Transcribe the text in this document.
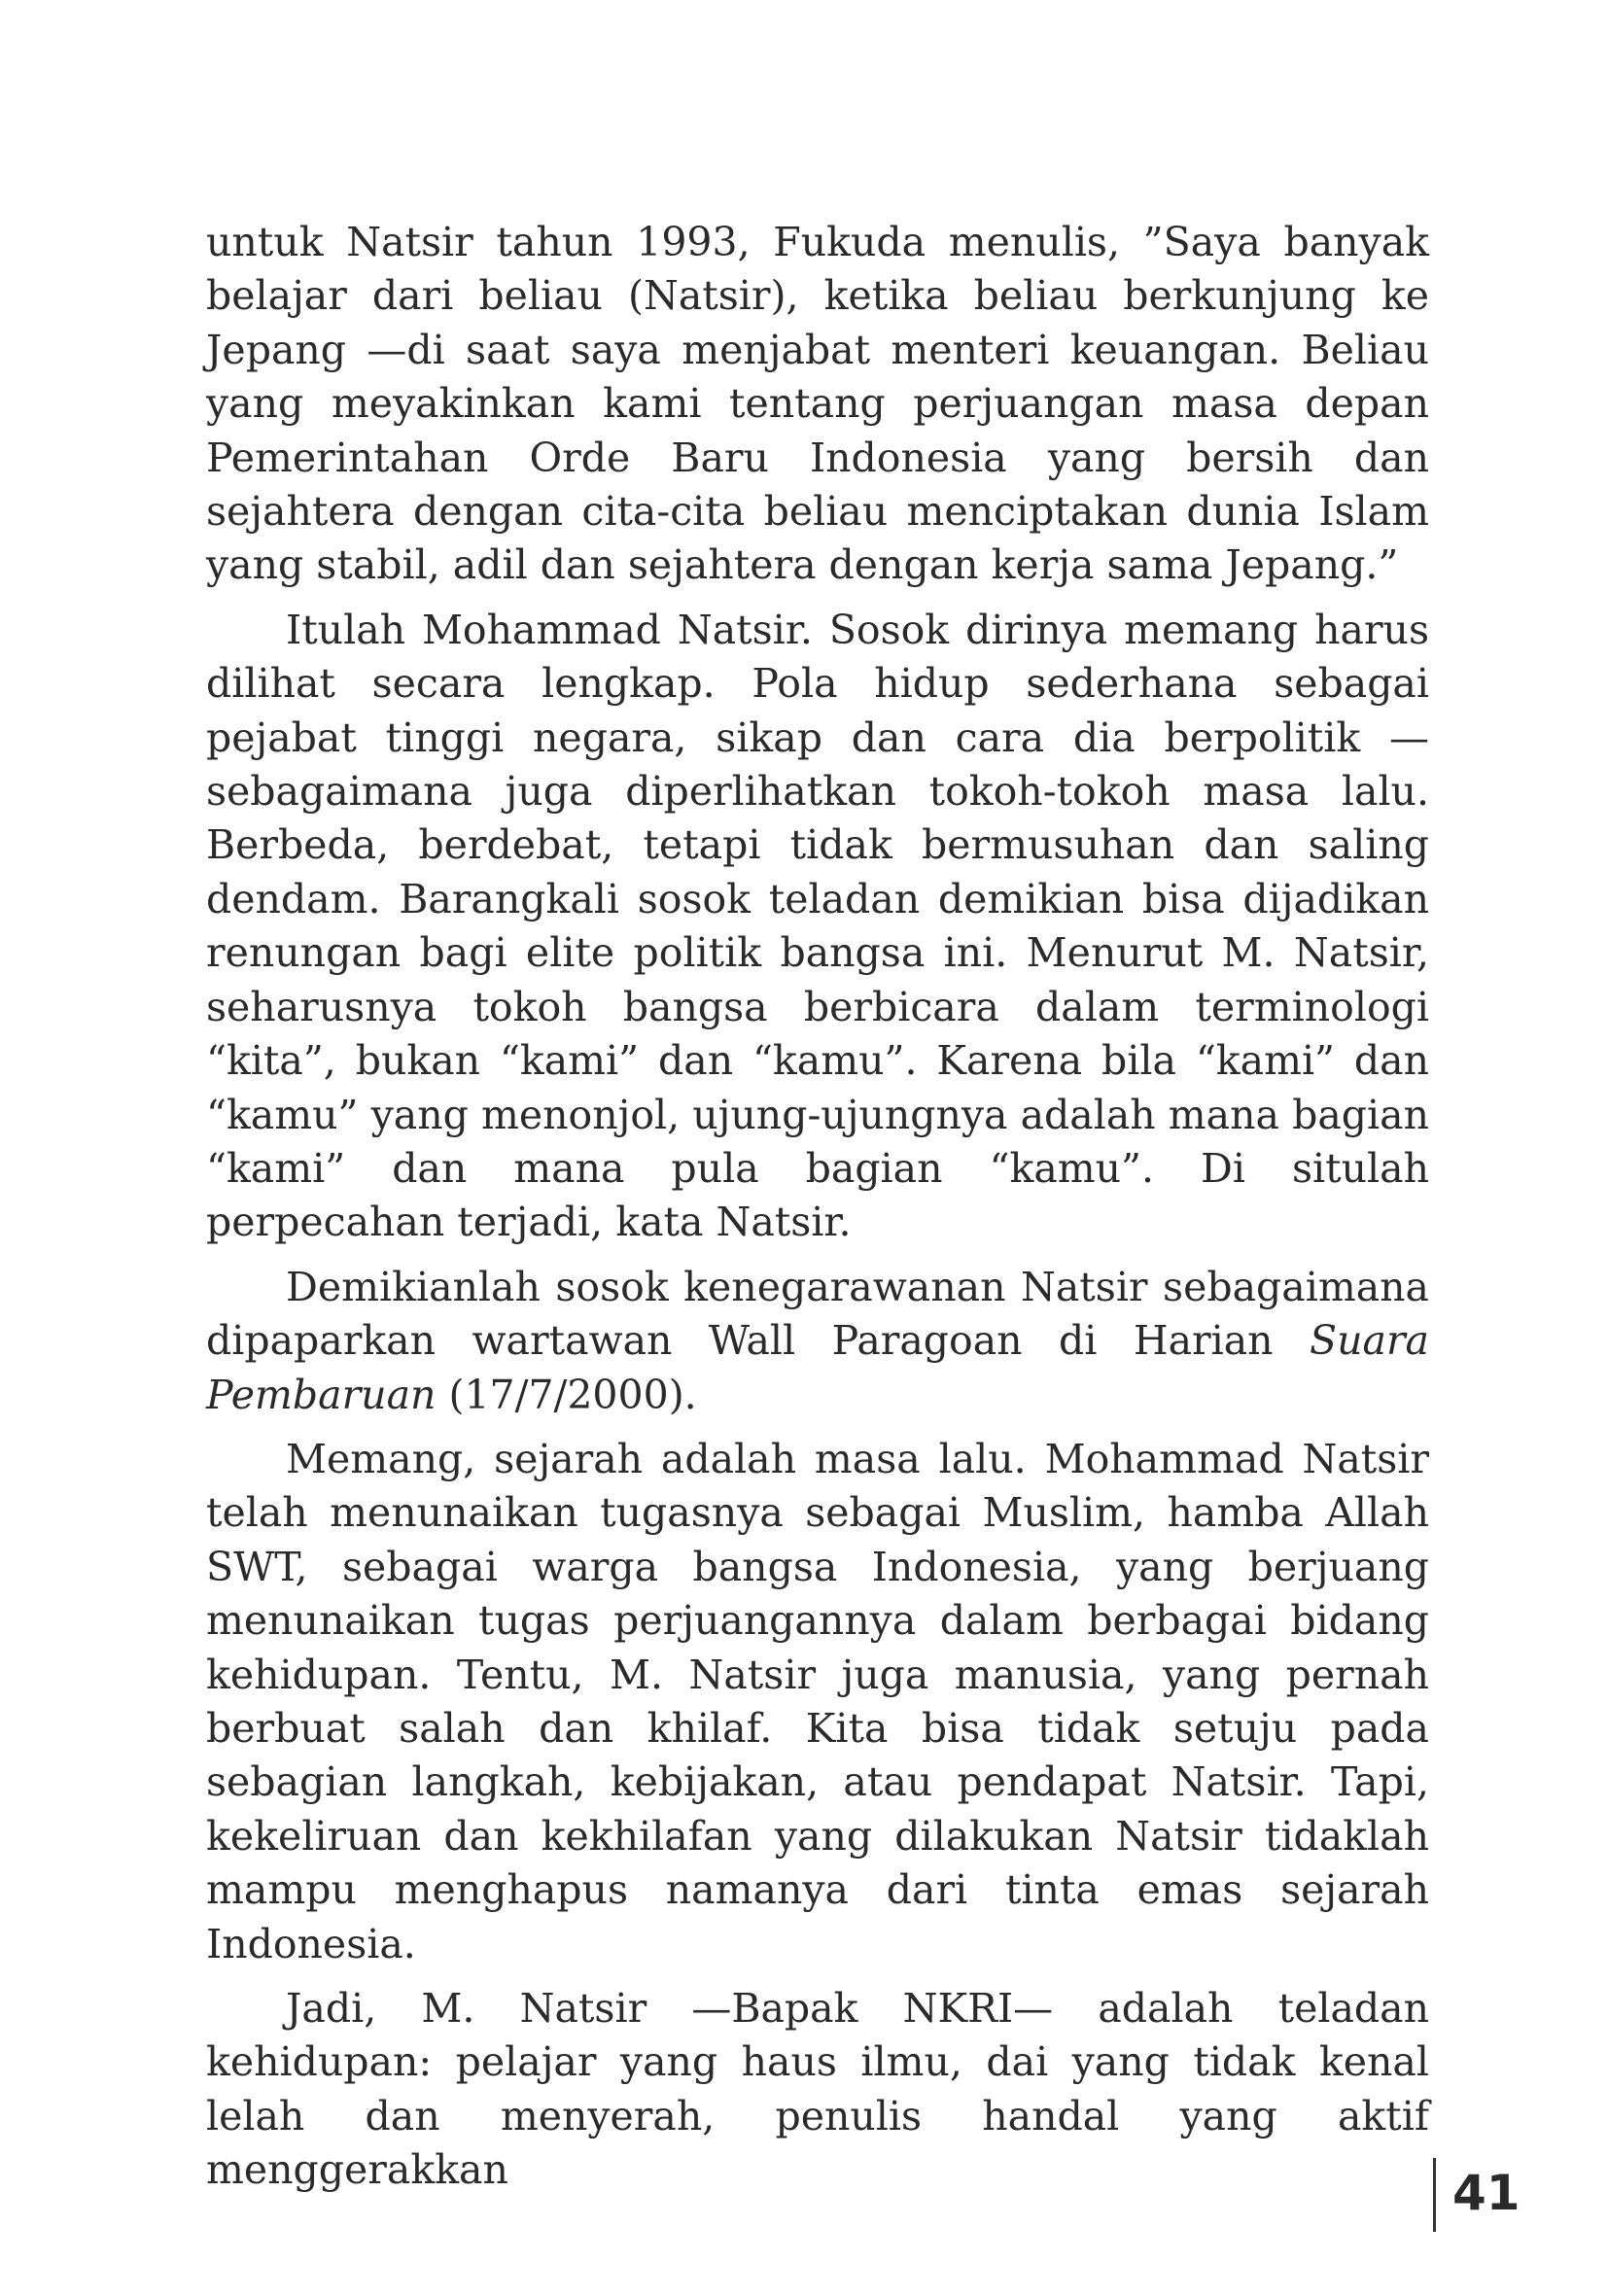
untuk Natsir tahun 1993, Fukuda menulis, ”Saya banyak belajar dari beliau (Natsir), ketika beliau berkunjung ke Jepang —di saat saya menjabat menteri keuangan. Beliau yang meyakinkan kami tentang perjuangan masa depan Pemerintahan Orde Baru Indonesia yang bersih dan sejahtera dengan cita-cita beliau menciptakan dunia Islam yang stabil, adil dan sejahtera dengan kerja sama Jepang.”

Itulah Mohammad Natsir. Sosok dirinya memang harus dilihat secara lengkap. Pola hidup sederhana sebagai pejabat tinggi negara, sikap dan cara dia berpolitik —sebagaimana juga diperlihatkan tokoh-tokoh masa lalu. Berbeda, berdebat, tetapi tidak bermusuhan dan saling dendam. Barangkali sosok teladan demikian bisa dijadikan renungan bagi elite politik bangsa ini. Menurut M. Natsir, seharusnya tokoh bangsa berbicara dalam terminologi “kita”, bukan “kami” dan “kamu”. Karena bila “kami” dan “kamu” yang menonjol, ujung-ujungnya adalah mana bagian “kami” dan mana pula bagian “kamu”. Di situlah perpecahan terjadi, kata Natsir.

Demikianlah sosok kenegarawanan Natsir sebagaimana dipaparkan wartawan Wall Paragoan di Harian Suara Pembaruan (17/7/2000).

Memang, sejarah adalah masa lalu. Mohammad Natsir telah menunaikan tugasnya sebagai Muslim, hamba Allah SWT, sebagai warga bangsa Indonesia, yang berjuang menunaikan tugas perjuangannya dalam berbagai bidang kehidupan. Tentu, M. Natsir juga manusia, yang pernah berbuat salah dan khilaf. Kita bisa tidak setuju pada sebagian langkah, kebijakan, atau pendapat Natsir. Tapi, kekeliruan dan kekhilafan yang dilakukan Natsir tidaklah mampu menghapus namanya dari tinta emas sejarah Indonesia.

Jadi, M. Natsir —Bapak NKRI— adalah teladan kehidupan: pelajar yang haus ilmu, dai yang tidak kenal lelah dan menyerah, penulis handal yang aktif menggerakkan	41
